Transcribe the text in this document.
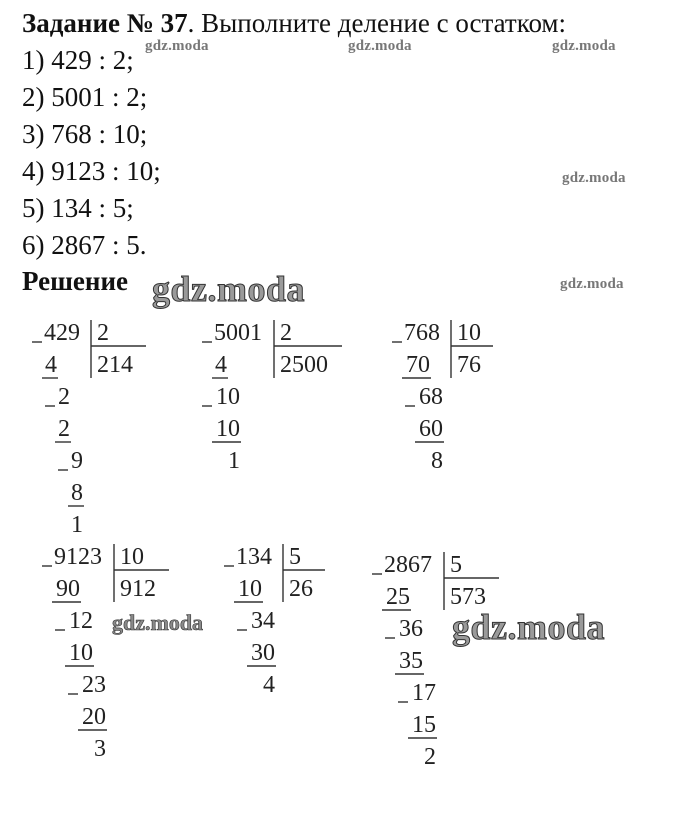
Задание № 37. Выполните деление с остатком:
1) 429 : 2;
2) 5001 : 2;
3) 768 : 10;
4) 9123 : 10;
5) 134 : 5;
6) 2867 : 5.
Решение
429 2
214
4
2
2
9
8
1
5001 2
2500
4
10
10
1
768 10
76
70
68
60
8
9123 10
912
90
12
10
23
20
3
134 5
26
10
34
30
4
2867 5
573
25
36
35
17
15
2
gdz.moda	gdz.moda	gdz.moda
gdz.moda
gdz.moda
gdz.moda
gdz.moda	gdz.moda
